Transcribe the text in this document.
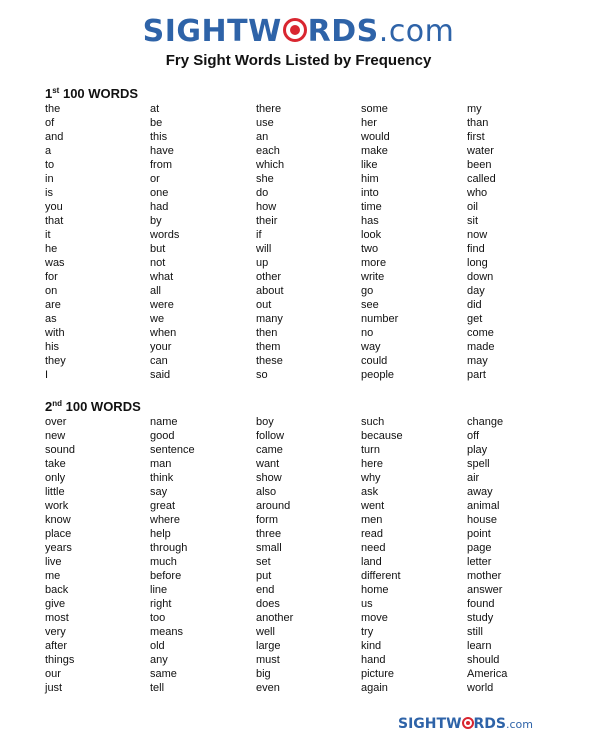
SIGHTW RDS.com
Fry Sight Words Listed by Frequency
1st 100 WORDS
the
of
and
a
to
in
is
you
that
it
he
was
for
on
are
as
with
his
they
I
at
be
this
have
from
or
one
had
by
words
but
not
what
all
were
we
when
your
can
said
there
use
an
each
which
she
do
how
their
if
will
up
other
about
out
many
then
them
these
so
some
her
would
make
like
him
into
time
has
look
two
more
write
go
see
number
no
way
could
people
my
than
first
water
been
called
who
oil
sit
now
find
long
down
day
did
get
come
made
may
part
2nd 100 WORDS
over
new
sound
take
only
little
work
know
place
years
live
me
back
give
most
very
after
things
our
just
name
good
sentence
man
think
say
great
where
help
through
much
before
line
right
too
means
old
any
same
tell
boy
follow
came
want
show
also
around
form
three
small
set
put
end
does
another
well
large
must
big
even
such
because
turn
here
why
ask
went
men
read
need
land
different
home
us
move
try
kind
hand
picture
again
change
off
play
spell
air
away
animal
house
point
page
letter
mother
answer
found
study
still
learn
should
America
world
SIGHTW RDS.com
